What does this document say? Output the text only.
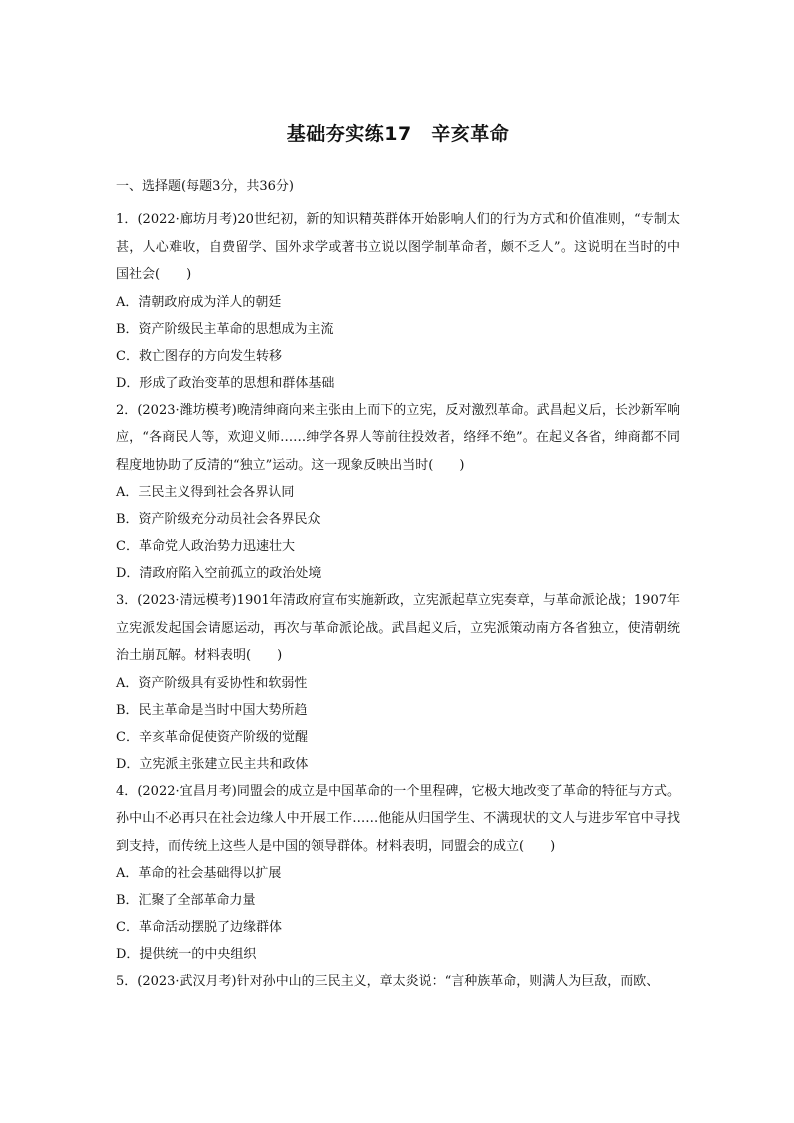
基础夯实练17　辛亥革命
一、选择题(每题3分，共36分)

1．(2022·廊坊月考)20世纪初，新的知识精英群体开始影响人们的行为方式和价值准则，“专制太甚，人心难收，自费留学、国外求学或著书立说以图学制革命者，颇不乏人”。这说明在当时的中国社会(　　)

A．清朝政府成为洋人的朝廷

B．资产阶级民主革命的思想成为主流

C．救亡图存的方向发生转移

D．形成了政治变革的思想和群体基础

2．(2023·潍坊模考)晚清绅商向来主张由上而下的立宪，反对激烈革命。武昌起义后，长沙新军响应，“各商民人等，欢迎义师……绅学各界人等前往投效者，络绎不绝”。在起义各省，绅商都不同程度地协助了反清的“独立”运动。这一现象反映出当时(　　)

A．三民主义得到社会各界认同

B．资产阶级充分动员社会各界民众

C．革命党人政治势力迅速壮大

D．清政府陷入空前孤立的政治处境

3．(2023·清远模考)1901年清政府宣布实施新政，立宪派起草立宪奏章，与革命派论战；1907年立宪派发起国会请愿运动，再次与革命派论战。武昌起义后，立宪派策动南方各省独立，使清朝统治土崩瓦解。材料表明(　　)

A．资产阶级具有妥协性和软弱性

B．民主革命是当时中国大势所趋

C．辛亥革命促使资产阶级的觉醒

D．立宪派主张建立民主共和政体

4．(2022·宜昌月考)同盟会的成立是中国革命的一个里程碑，它极大地改变了革命的特征与方式。孙中山不必再只在社会边缘人中开展工作……他能从归国学生、不满现状的文人与进步军官中寻找到支持，而传统上这些人是中国的领导群体。材料表明，同盟会的成立(　　)

A．革命的社会基础得以扩展

B．汇聚了全部革命力量

C．革命活动摆脱了边缘群体

D．提供统一的中央组织

5．(2023·武汉月考)针对孙中山的三民主义，章太炎说：“言种族革命，则满人为巨敌，而欧、
